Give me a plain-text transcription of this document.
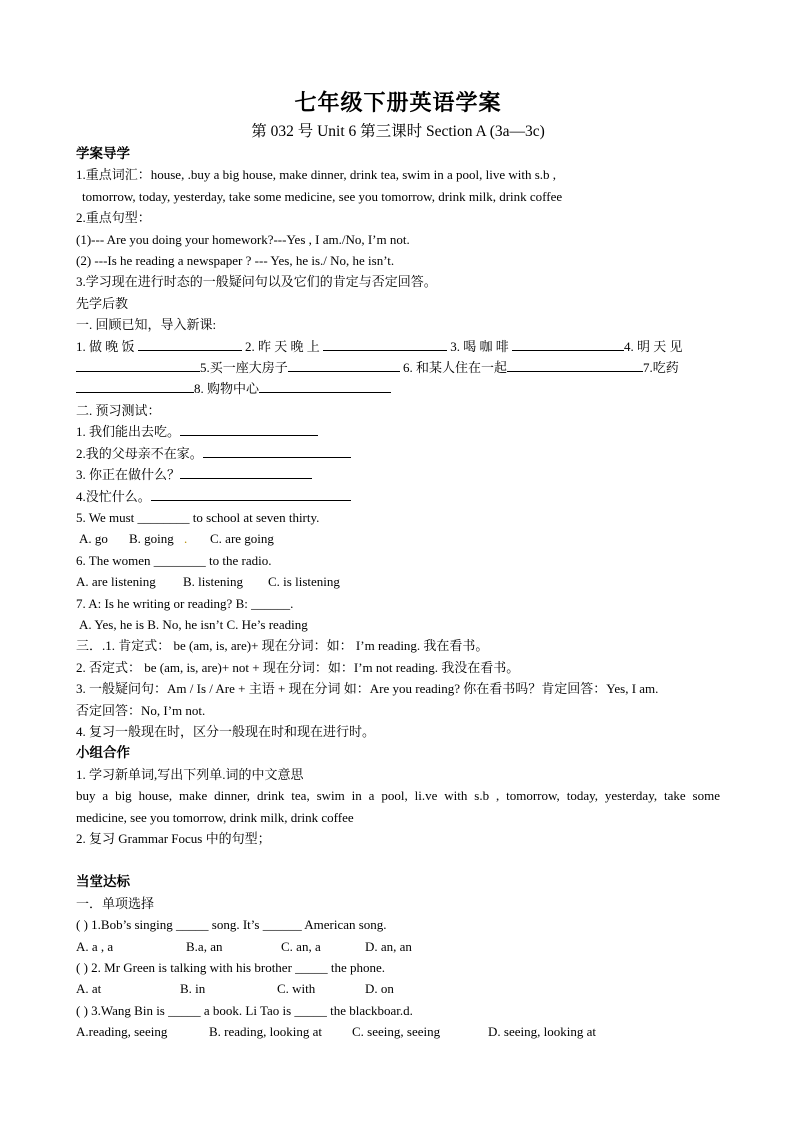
七年级下册英语学案
第 032 号 Unit 6 第三课时 Section A (3a—3c)
学案导学
1.重点词汇：house, .buy a big house, make dinner, drink tea, swim in a pool, live with s.b ,
tomorrow, today, yesterday, take some medicine, see you tomorrow, drink milk, drink coffee
2.重点句型：
(1)--- Are you doing your homework?---Yes , I am./No, I’m not.
(2) ---Is he reading a newspaper ? --- Yes, he is./ No, he isn’t.
3.学习现在进行时态的一般疑问句以及它们的肯定与否定回答。
先学后教
一. 回顾已知，导入新课:
1. 做 晚 饭	2. 昨 天 晚 上	3. 喝 咖 啡	4. 明 天 见
5.买一座大房子	6. 和某人住在一起	7.吃药
8. 购物中心
二. 预习测试：
1. 我们能出去吃。
2.我的父母亲不在家。
3. 你正在做什么？
4.没忙什么。
5. We must ________ to school at seven thirty.
A. go B. going . C. are going
6. The women ________ to the radio.
A. are listening B. listening C. is listening
7. A: Is he writing or reading? B: ______.
A. Yes, he is B. No, he isn’t C. He’s reading
三．.1. 肯定式： be (am, is, are)+ 现在分词：如： I’m reading. 我在看书。
2. 否定式： be (am, is, are)+ not + 现在分词：如：I’m not reading. 我没在看书。
3. 一般疑问句：Am / Is / Are + 主语 + 现在分词 如：Are you reading? 你在看书吗？肯定回答：Yes, I am.
否定回答：No, I’m not.
4. 复习一般现在时，区分一般现在时和现在进行时。
小组合作
1. 学习新单词,写出下列单.词的中文意思
buy a big house, make dinner, drink tea, swim in a pool, li.ve with s.b , tomorrow, today, yesterday, take some
medicine, see you tomorrow, drink milk, drink coffee
2. 复习 Grammar Focus 中的句型；
当堂达标
一．单项选择
( ) 1.Bob’s singing _____ song. It’s ______ American song.
A. a , a	B.a, an	C. an, a	D. an, an
( ) 2. Mr Green is talking with his brother _____ the phone.
A. at	B. in	C. with	D. on
( ) 3.Wang Bin is _____ a book. Li Tao is _____ the blackboar.d.
A.reading, seeing	B. reading, looking at C. seeing, seeing	D. seeing, looking at
